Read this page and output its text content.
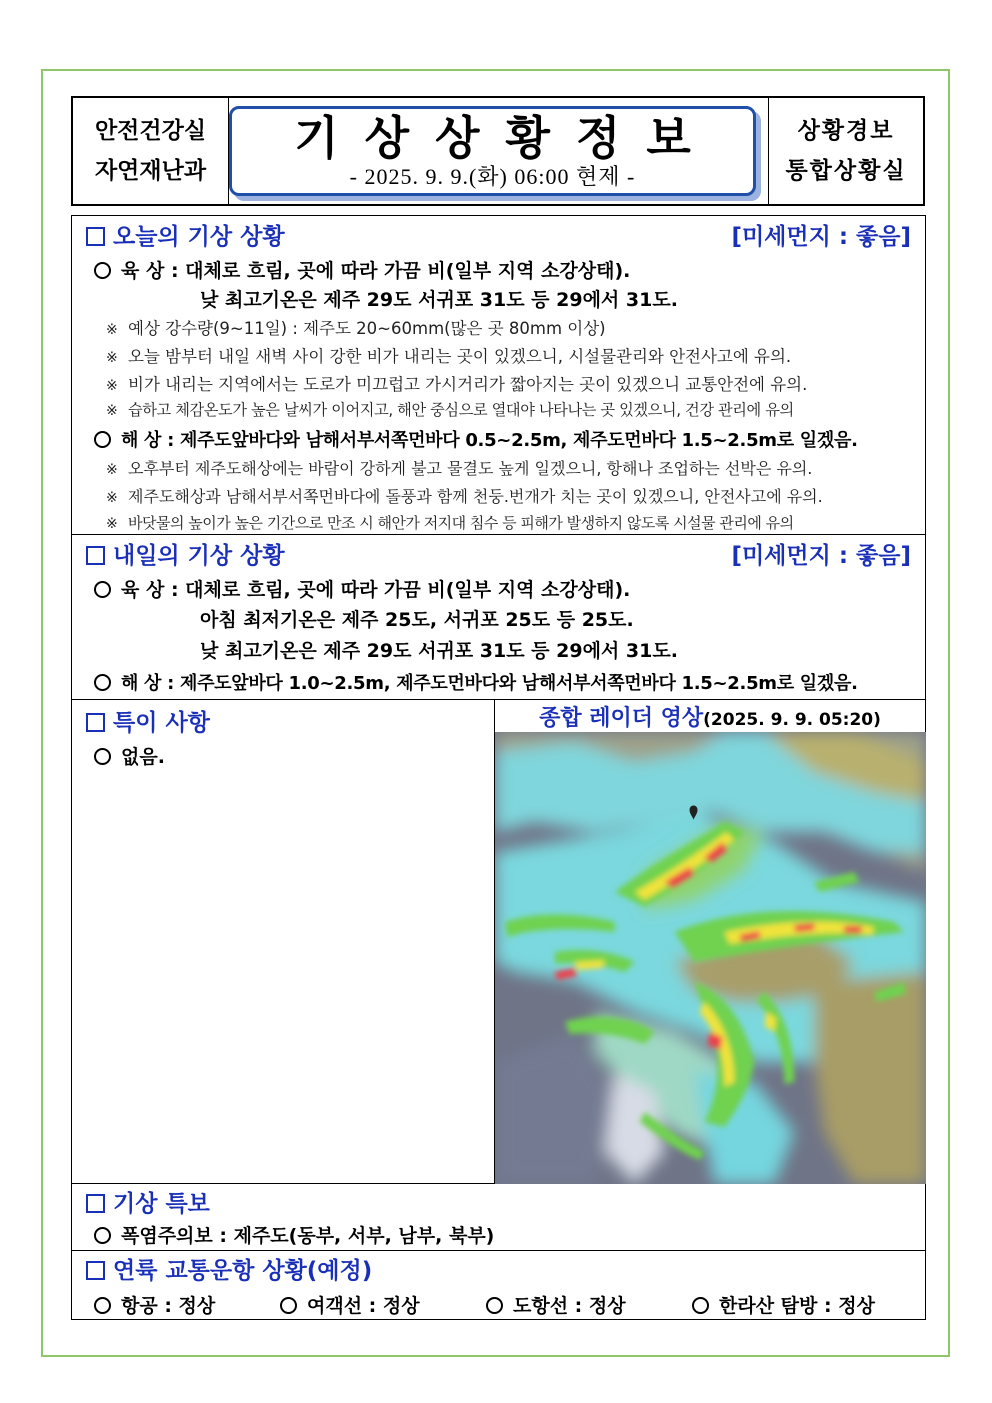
안전건강실
자연재난과
기상상황정보
- 2025. 9. 9.(화) 06:00 현제 -
상황경보
통합상황실
오늘의 기상 상황	[미세먼지 : 좋음]
육 상 : 대체로 흐림, 곳에 따라 가끔 비(일부 지역 소강상태).
낮 최고기온은 제주 29도 서귀포 31도 등 29에서 31도.
※ 예상 강수량(9~11일) : 제주도 20~60mm(많은 곳 80mm 이상)
※ 오늘 밤부터 내일 새벽 사이 강한 비가 내리는 곳이 있겠으니, 시설물관리와 안전사고에 유의.
※ 비가 내리는 지역에서는 도로가 미끄럽고 가시거리가 짧아지는 곳이 있겠으니 교통안전에 유의.
※ 습하고 체감온도가 높은 날씨가 이어지고, 해안 중심으로 열대야 나타나는 곳 있겠으니, 건강 관리에 유의
해 상 : 제주도앞바다와 남해서부서쪽먼바다 0.5~2.5m, 제주도먼바다 1.5~2.5m로 일겠음.
※ 오후부터 제주도해상에는 바람이 강하게 불고 물결도 높게 일겠으니, 항해나 조업하는 선박은 유의.
※ 제주도해상과 남해서부서쪽먼바다에 돌풍과 함께 천둥.번개가 치는 곳이 있겠으니, 안전사고에 유의.
※ 바닷물의 높이가 높은 기간으로 만조 시 해안가 저지대 침수 등 피해가 발생하지 않도록 시설물 관리에 유의
내일의 기상 상황	[미세먼지 : 좋음]
육 상 : 대체로 흐림, 곳에 따라 가끔 비(일부 지역 소강상태).
아침 최저기온은 제주 25도, 서귀포 25도 등 25도.
낮 최고기온은 제주 29도 서귀포 31도 등 29에서 31도.
해 상 : 제주도앞바다 1.0~2.5m, 제주도먼바다와 남해서부서쪽먼바다 1.5~2.5m로 일겠음.
특이 사항
없음.
종합 레이더 영상(2025. 9. 9. 05:20)
기상 특보
폭염주의보 : 제주도(동부, 서부, 남부, 북부)
연륙 교통운항 상황(예정)
항공 : 정상	여객선 : 정상	도항선 : 정상	한라산 탐방 : 정상
